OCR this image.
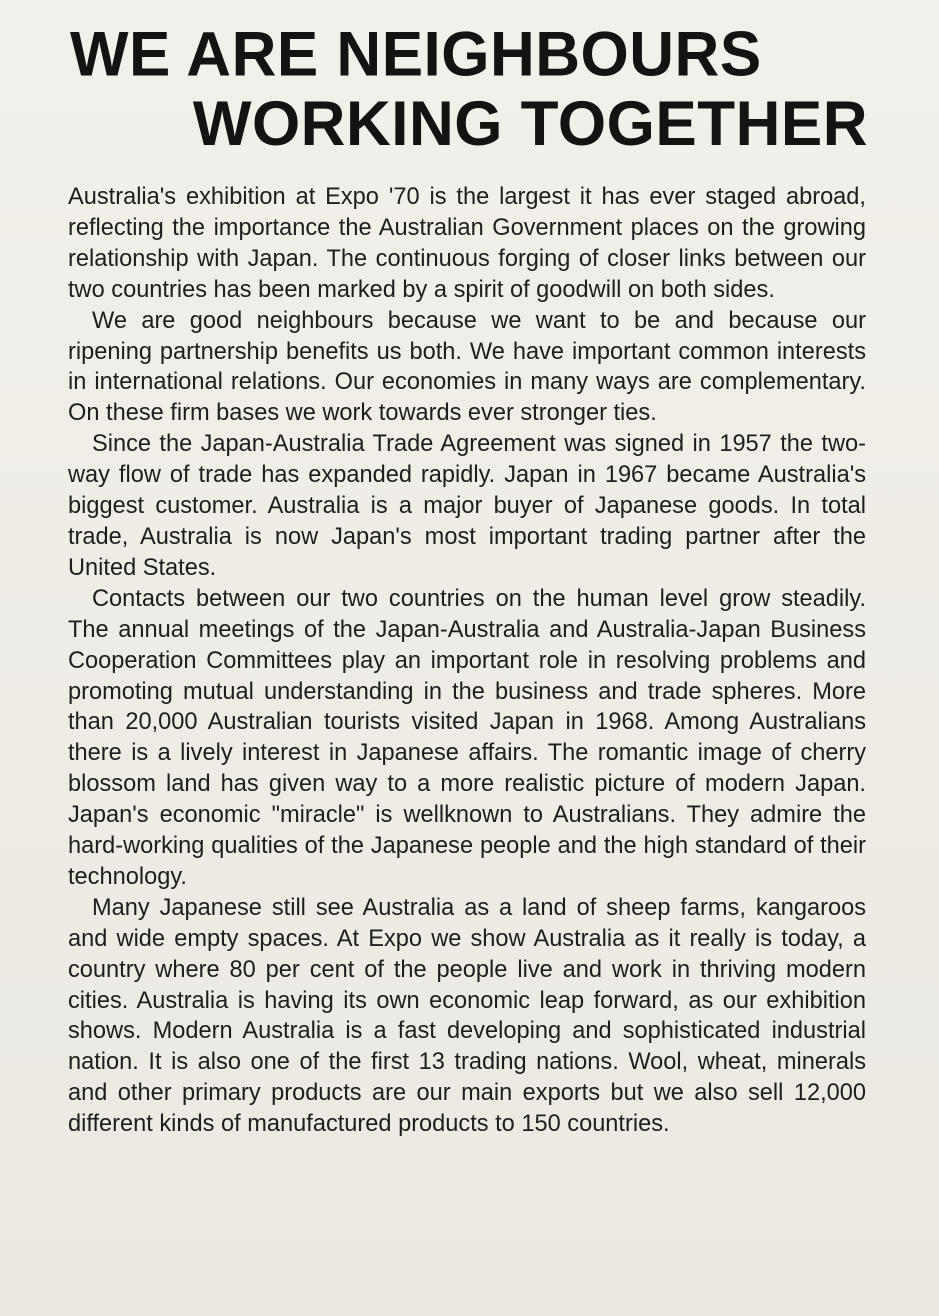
WE ARE NEIGHBOURS
WORKING TOGETHER

Australia's exhibition at Expo '70 is the largest it has ever staged abroad, reflecting the importance the Australian Government places on the growing relationship with Japan. The continuous forging of closer links between our two countries has been marked by a spirit of goodwill on both sides.

We are good neighbours because we want to be and because our ripening partnership benefits us both. We have important common interests in international relations. Our economies in many ways are complementary. On these firm bases we work towards ever stronger ties.

Since the Japan-Australia Trade Agreement was signed in 1957 the two-way flow of trade has expanded rapidly. Japan in 1967 became Australia's biggest customer. Australia is a major buyer of Japanese goods. In total trade, Australia is now Japan's most important trading partner after the United States.

Contacts between our two countries on the human level grow steadily. The annual meetings of the Japan-Australia and Australia-Japan Business Cooperation Committees play an important role in resolving problems and promoting mutual understanding in the business and trade spheres. More than 20,000 Australian tourists visited Japan in 1968. Among Australians there is a lively interest in Japanese affairs. The romantic image of cherry blossom land has given way to a more realistic picture of modern Japan. Japan's economic "miracle" is wellknown to Australians. They admire the hard-working qualities of the Japanese people and the high standard of their technology.

Many Japanese still see Australia as a land of sheep farms, kangaroos and wide empty spaces. At Expo we show Australia as it really is today, a country where 80 per cent of the people live and work in thriving modern cities. Australia is having its own economic leap forward, as our exhibition shows. Modern Australia is a fast developing and sophisticated industrial nation. It is also one of the first 13 trading nations. Wool, wheat, minerals and other primary products are our main exports but we also sell 12,000 different kinds of manufactured products to 150 countries.
